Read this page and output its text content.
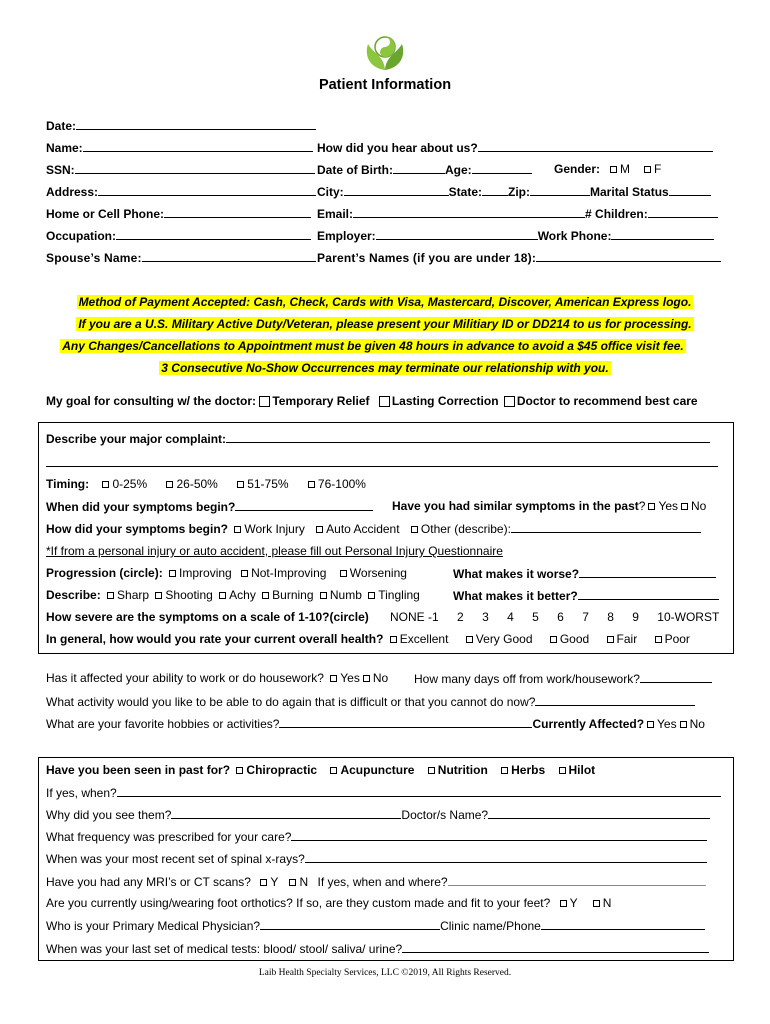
Patient Information
Date:
Name:	How did you hear about us?
SSN:	Date of Birth:	Age:	Gender: M F
Address:	City:	State: Zip:	Marital Status
Home or Cell Phone:	Email:	# Children:
Occupation:	Employer:	Work Phone:
Spouse’s Name:	Parent’s Names (if you are under 18):
Method of Payment Accepted: Cash, Check, Cards with Visa, Mastercard, Discover, American Express logo.
If you are a U.S. Military Active Duty/Veteran, please present your Militiary ID or DD214 to us for processing.
Any Changes/Cancellations to Appointment must be given 48 hours in advance to avoid a $45 office visit fee.
3 Consecutive No-Show Occurrences may terminate our relationship with you.
My goal for consulting w/ the doctor: Temporary Relief Lasting Correction Doctor to recommend best care
Describe your major complaint:
Timing: 0-25% 26-50% 51-75% 76-100%
When did your symptoms begin?	Have you had similar symptoms in the past? Yes No
How did your symptoms begin? Work Injury Auto Accident Other (describe):
*If from a personal injury or auto accident, please fill out Personal Injury Questionnaire
Progression (circle): Improving Not-Improving Worsening	What makes it worse?
Describe: Sharp Shooting Achy Burning Numb Tingling	What makes it better?
How severe are the symptoms on a scale of 1-10?(circle) NONE -1 2 3 4 5 6 7 8 9 10-WORST
In general, how would you rate your current overall health? Excellent Very Good Good Fair Poor
Has it affected your ability to work or do housework? Yes No How many days off from work/housework?
What activity would you like to be able to do again that is difficult or that you cannot do now?
What are your favorite hobbies or activities?	Currently Affected? Yes No
Have you been seen in past for? Chiropractic Acupuncture Nutrition Herbs Hilot
If yes, when?
Why did you see them?	Doctor/s Name?
What frequency was prescribed for your care?
When was your most recent set of spinal x-rays?
Have you had any MRI’s or CT scans? Y N If yes, when and where?
Are you currently using/wearing foot orthotics? If so, are they custom made and fit to your feet? Y N
Who is your Primary Medical Physician?	Clinic name/Phone
When was your last set of medical tests: blood/ stool/ saliva/ urine?
Laib Health Specialty Services, LLC ©2019, All Rights Reserved.
